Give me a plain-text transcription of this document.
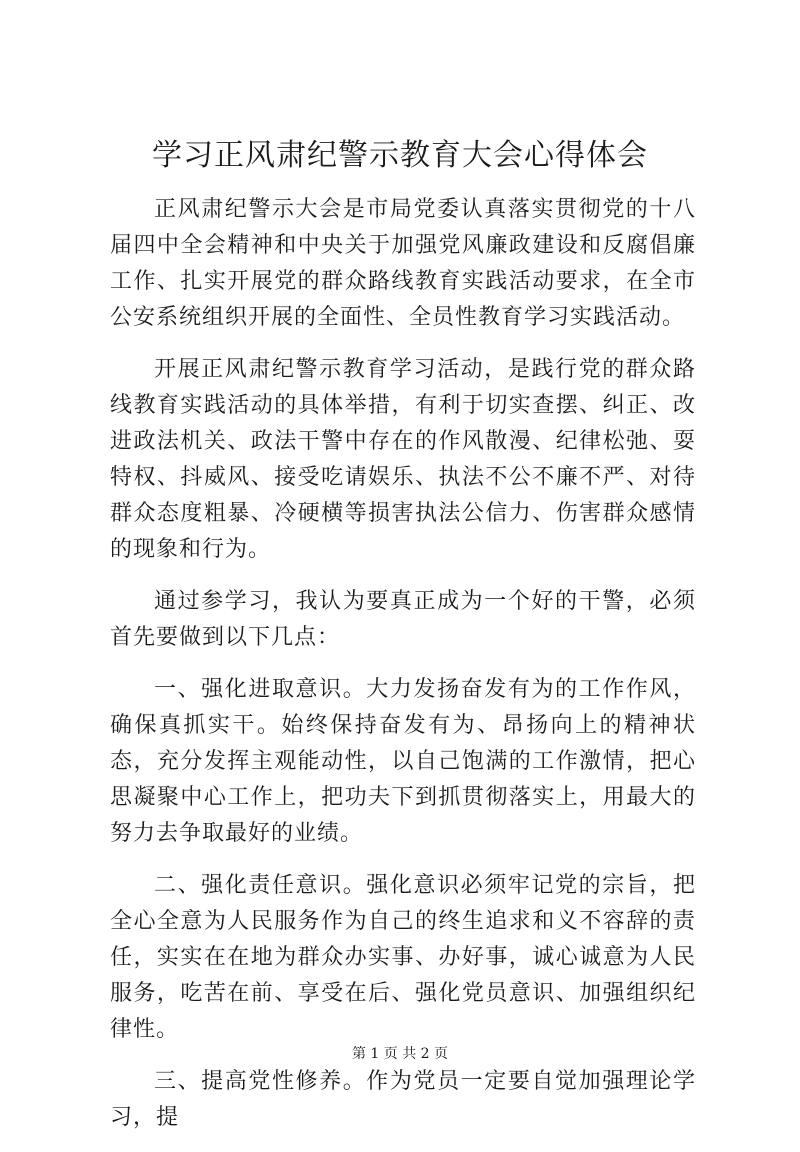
学习正风肃纪警示教育大会心得体会

正风肃纪警示大会是市局党委认真落实贯彻党的十八届四中全会精神和中央关于加强党风廉政建设和反腐倡廉工作、扎实开展党的群众路线教育实践活动要求，在全市公安系统组织开展的全面性、全员性教育学习实践活动。

开展正风肃纪警示教育学习活动，是践行党的群众路线教育实践活动的具体举措，有利于切实查摆、纠正、改进政法机关、政法干警中存在的作风散漫、纪律松弛、耍特权、抖威风、接受吃请娱乐、执法不公不廉不严、对待群众态度粗暴、冷硬横等损害执法公信力、伤害群众感情的现象和行为。

通过参学习，我认为要真正成为一个好的干警，必须首先要做到以下几点：

一、强化进取意识。大力发扬奋发有为的工作作风，确保真抓实干。始终保持奋发有为、昂扬向上的精神状态，充分发挥主观能动性，以自己饱满的工作激情，把心思凝聚中心工作上，把功夫下到抓贯彻落实上，用最大的努力去争取最好的业绩。

二、强化责任意识。强化意识必须牢记党的宗旨，把全心全意为人民服务作为自己的终生追求和义不容辞的责任，实实在在地为群众办实事、办好事，诚心诚意为人民服务，吃苦在前、享受在后、强化党员意识、加强组织纪律性。

三、提高党性修养。作为党员一定要自觉加强理论学习，提

第 1 页 共 2 页
